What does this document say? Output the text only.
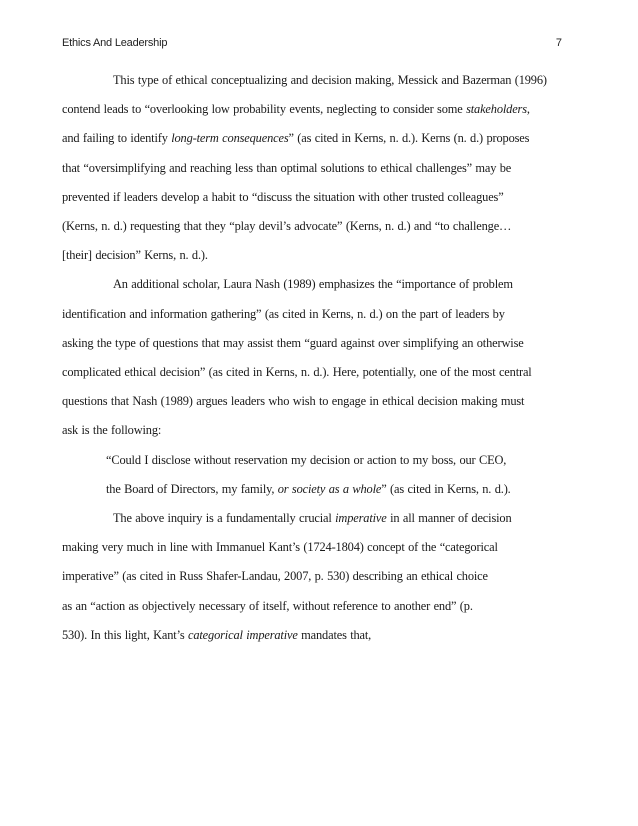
Ethics And Leadership	7
This type of ethical conceptualizing and decision making, Messick and Bazerman (1996)
contend leads to “overlooking low probability events, neglecting to consider some stakeholders,
and failing to identify long-term consequences” (as cited in Kerns, n. d.). Kerns (n. d.) proposes
that “oversimplifying and reaching less than optimal solutions to ethical challenges” may be
prevented if leaders develop a habit to “discuss the situation with other trusted colleagues”
(Kerns, n. d.) requesting that they “play devil’s advocate” (Kerns, n. d.) and “to challenge…
[their] decision” Kerns, n. d.).
An additional scholar, Laura Nash (1989) emphasizes the “importance of problem
identification and information gathering” (as cited in Kerns, n. d.) on the part of leaders by
asking the type of questions that may assist them “guard against over simplifying an otherwise
complicated ethical decision” (as cited in Kerns, n. d.). Here, potentially, one of the most central
questions that Nash (1989) argues leaders who wish to engage in ethical decision making must
ask is the following:
“Could I disclose without reservation my decision or action to my boss, our CEO,
the Board of Directors, my family, or society as a whole” (as cited in Kerns, n. d.).
The above inquiry is a fundamentally crucial imperative in all manner of decision
making very much in line with Immanuel Kant’s (1724-1804) concept of the “categorical
imperative” (as cited in Russ Shafer-Landau, 2007, p. 530) describing an ethical choice
as an “action as objectively necessary of itself, without reference to another end” (p.
530). In this light, Kant’s categorical imperative mandates that,
